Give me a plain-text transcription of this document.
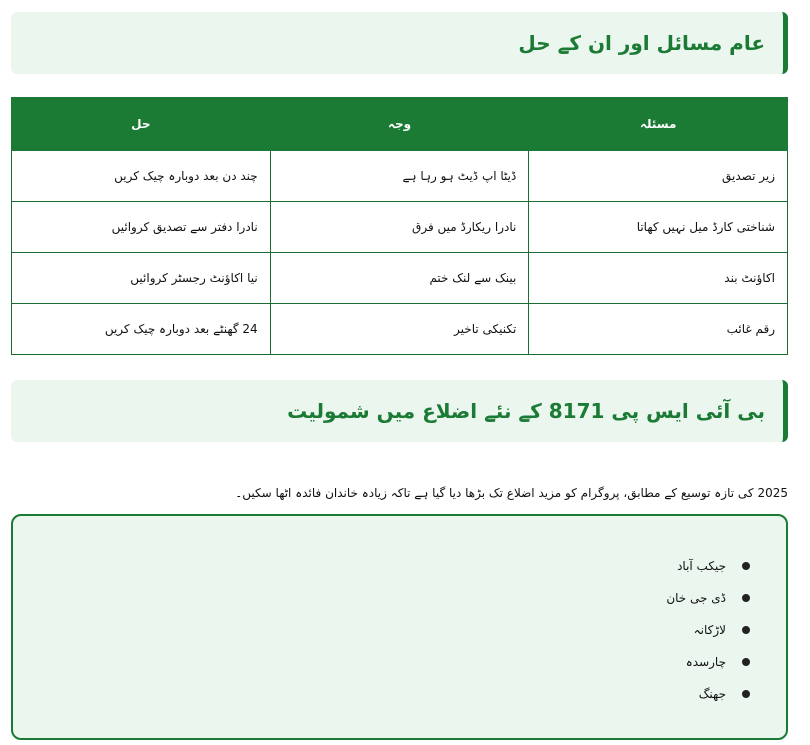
عام مسائل اور ان کے حل
مسئلہ	وجہ	حل
زیر تصدیق	ڈیٹا اپ ڈیٹ ہو رہا ہے	چند دن بعد دوبارہ چیک کریں
شناختی کارڈ میل نہیں کھاتا	نادرا ریکارڈ میں فرق	نادرا دفتر سے تصدیق کروائیں
اکاؤنٹ بند	بینک سے لنک ختم	نیا اکاؤنٹ رجسٹر کروائیں
رقم غائب	تکنیکی تاخیر	24 گھنٹے بعد دوبارہ چیک کریں
بی آئی ایس پی 8171 کے نئے اضلاع میں شمولیت

2025 کی تازہ توسیع کے مطابق، پروگرام کو مزید اضلاع تک بڑھا دیا گیا ہے تاکہ زیادہ خاندان فائدہ اٹھا سکیں۔

جیکب آباد
ڈی جی خان
لاڑکانہ
چارسدہ
جھنگ
